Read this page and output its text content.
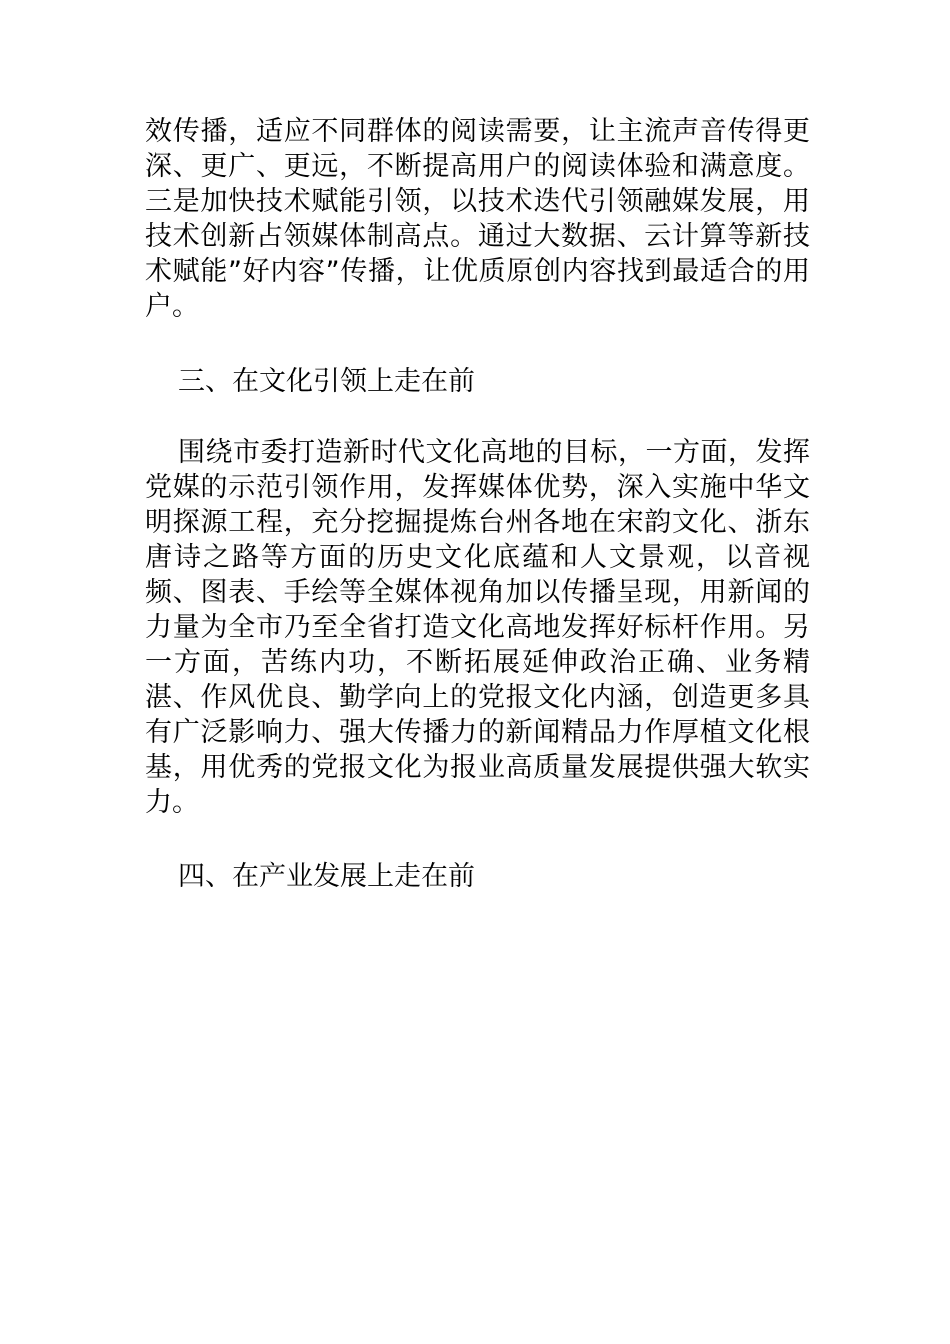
效传播，适应不同群体的阅读需要，让主流声音传得更深、更广、更远，不断提高用户的阅读体验和满意度。三是加快技术赋能引领，以技术迭代引领融媒发展，用技术创新占领媒体制高点。通过大数据、云计算等新技术赋能”好内容”传播，让优质原创内容找到最适合的用户。

三、在文化引领上走在前

围绕市委打造新时代文化高地的目标，一方面，发挥党媒的示范引领作用，发挥媒体优势，深入实施中华文明探源工程，充分挖掘提炼台州各地在宋韵文化、浙东唐诗之路等方面的历史文化底蕴和人文景观，以音视频、图表、手绘等全媒体视角加以传播呈现，用新闻的力量为全市乃至全省打造文化高地发挥好标杆作用。另一方面，苦练内功，不断拓展延伸政治正确、业务精湛、作风优良、勤学向上的党报文化内涵，创造更多具有广泛影响力、强大传播力的新闻精品力作厚植文化根基，用优秀的党报文化为报业高质量发展提供强大软实力。

四、在产业发展上走在前
